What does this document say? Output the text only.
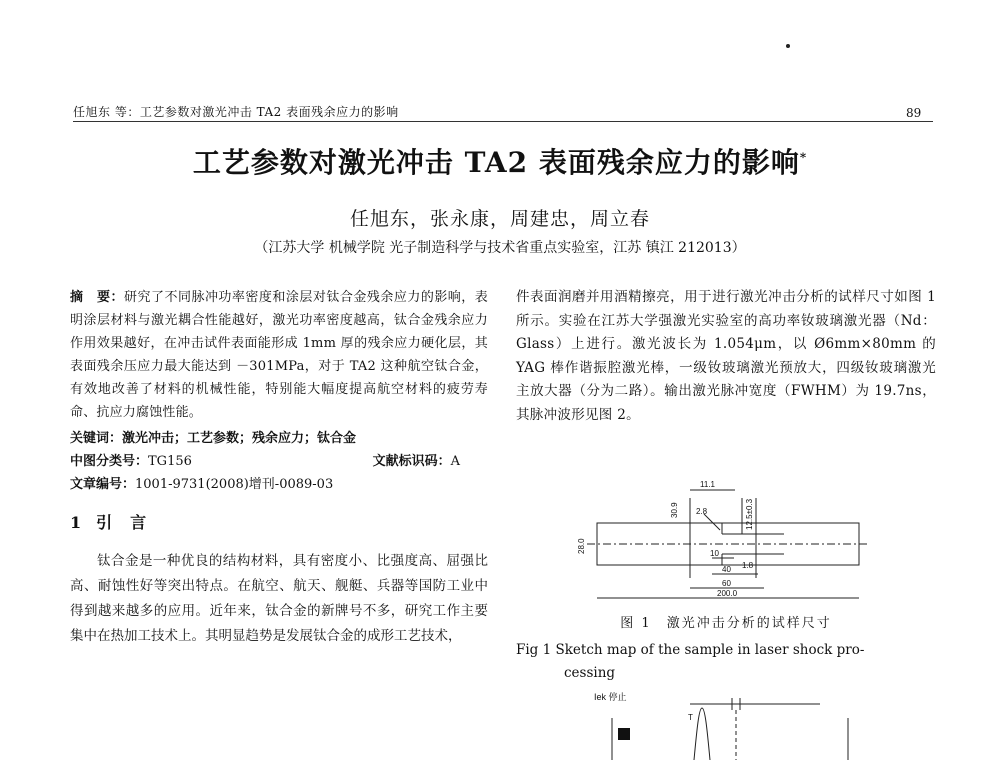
任旭东 等：工艺参数对激光冲击 TA2 表面残余应力的影响	89
工艺参数对激光冲击 TA2 表面残余应力的影响*
任旭东，张永康，周建忠，周立春
（江苏大学 机械学院 光子制造科学与技术省重点实验室，江苏 镇江 212013）
摘　要：研究了不同脉冲功率密度和涂层对钛合金残余应力的影响，表明涂层材料与激光耦合性能越好，激光功率密度越高，钛合金残余应力作用效果越好，在冲击试件表面能形成 1mm 厚的残余应力硬化层，其表面残余压应力最大能达到 －301MPa，对于 TA2 这种航空钛合金，有效地改善了材料的机械性能，特别能大幅度提高航空材料的疲劳寿命、抗应力腐蚀性能。
关键词：激光冲击；工艺参数；残余应力；钛合金
中图分类号：TG156	文献标识码：A
文章编号：1001-9731(2008)增刊-0089-03
1 引　言
钛合金是一种优良的结构材料，具有密度小、比强度高、屈强比高、耐蚀性好等突出特点。在航空、航天、舰艇、兵器等国防工业中得到越来越多的应用。近年来，钛合金的新牌号不多，研究工作主要集中在热加工技术上。其明显趋势是发展钛合金的成形工艺技术，
件表面润磨并用酒精擦亮，用于进行激光冲击分析的试样尺寸如图 1 所示。实验在江苏大学强激光实验室的高功率钕玻璃激光器（Nd：Glass）上进行。激光波长为 1.054μm，以 Ø6mm×80mm 的 YAG 棒作谐振腔激光棒，一级钕玻璃激光预放大，四级钕玻璃激光主放大器（分为二路）。输出激光脉冲宽度（FWHM）为 19.7ns，其脉冲波形见图 2。
11.1
30.9 2.8	12.5±0.3
28.0	10
40 1.8
60
200.0
图 1　激光冲击分析的试样尺寸
Fig 1 Sketch map of the sample in laser shock pro-
cessing
Iek 停止
T
